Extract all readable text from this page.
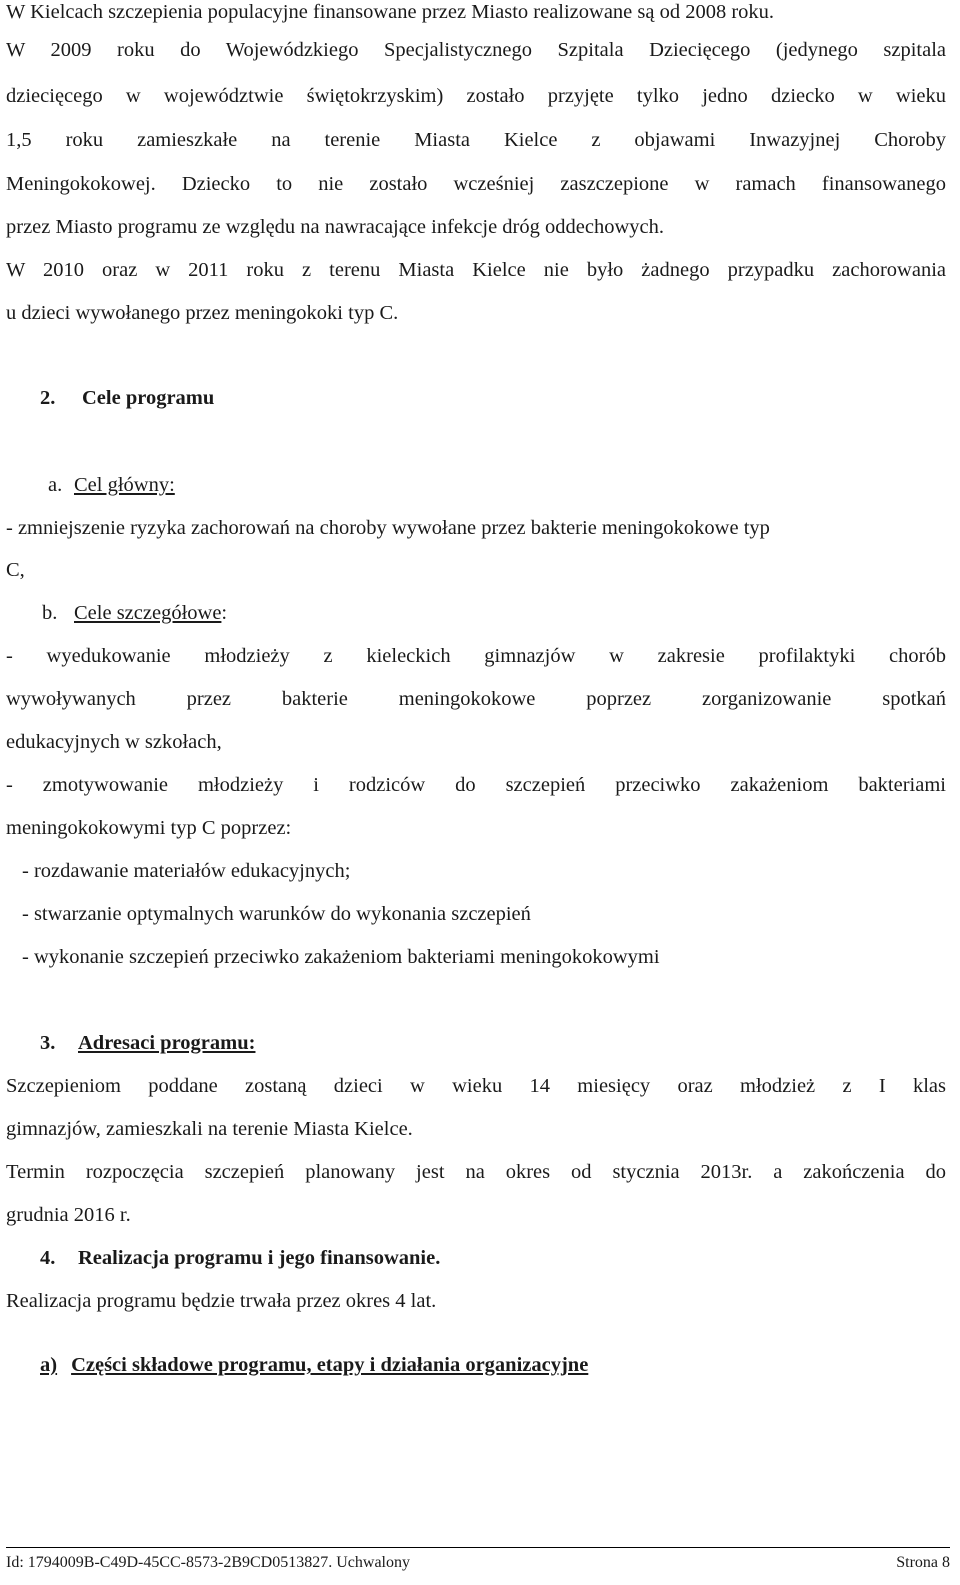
W Kielcach szczepienia populacyjne finansowane przez Miasto realizowane są od 2008 roku.

W 2009 roku do Wojewódzkiego Specjalistycznego Szpitala Dziecięcego (jedynego szpitala

dziecięcego w województwie świętokrzyskim) zostało przyjęte tylko jedno dziecko w wieku

1,5 roku zamieszkałe na terenie Miasta Kielce z objawami Inwazyjnej Choroby

Meningokokowej. Dziecko to nie zostało wcześniej zaszczepione w ramach finansowanego

przez Miasto programu ze względu na nawracające infekcje dróg oddechowych.

W 2010 oraz w 2011 roku z terenu Miasta Kielce nie było żadnego przypadku zachorowania

u dzieci wywołanego przez meningokoki typ C.

2. Cele programu
a. Cel główny:

- zmniejszenie ryzyka zachorowań na choroby wywołane przez bakterie meningokokowe typ

C,

b. Cele szczegółowe:

- wyedukowanie młodzieży z kieleckich gimnazjów w zakresie profilaktyki chorób

wywoływanych przez bakterie meningokokowe poprzez zorganizowanie spotkań

edukacyjnych w szkołach,

- zmotywowanie młodzieży i rodziców do szczepień przeciwko zakażeniom bakteriami

meningokokowymi typ C poprzez:

- rozdawanie materiałów edukacyjnych;

- stwarzanie optymalnych warunków do wykonania szczepień

- wykonanie szczepień przeciwko zakażeniom bakteriami meningokokowymi

3. Adresaci programu:

Szczepieniom poddane zostaną dzieci w wieku 14 miesięcy oraz młodzież z I klas

gimnazjów, zamieszkali na terenie Miasta Kielce.

Termin rozpoczęcia szczepień planowany jest na okres od stycznia 2013r. a zakończenia do

grudnia 2016 r.

4. Realizacja programu i jego finansowanie.

Realizacja programu będzie trwała przez okres 4 lat.

a) Części składowe programu, etapy i działania organizacyjne
Id: 1794009B-C49D-45CC-8573-2B9CD0513827. Uchwalony	Strona 8
